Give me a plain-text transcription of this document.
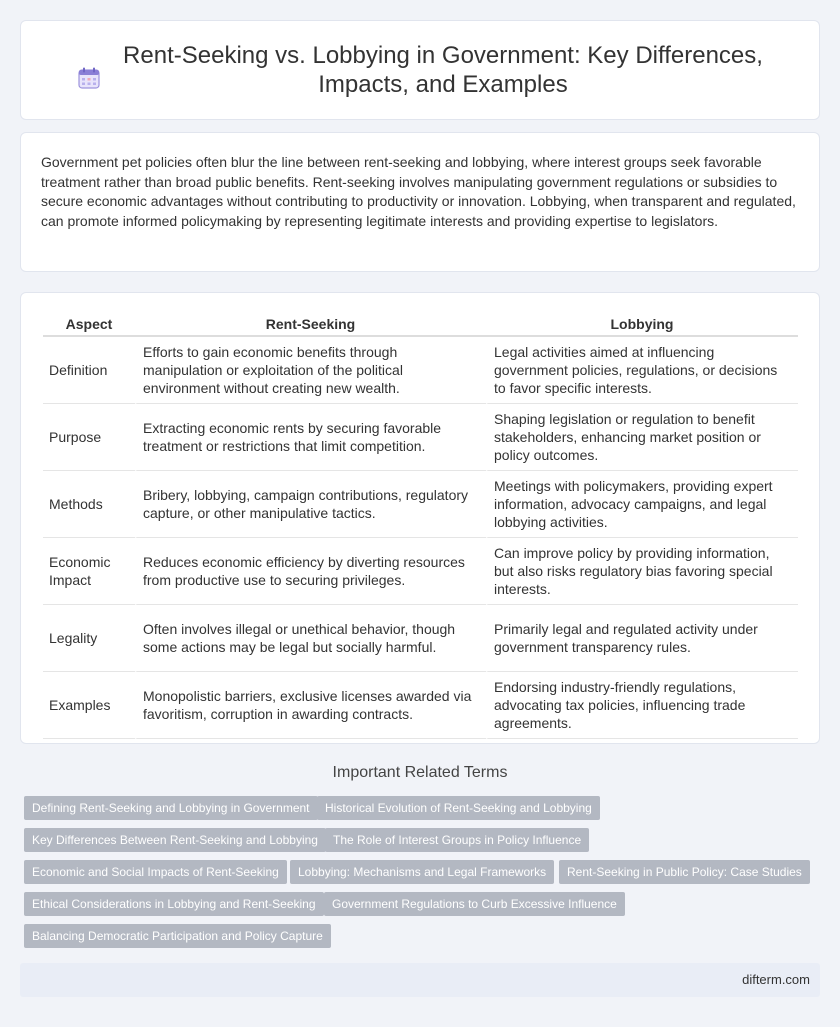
Rent-Seeking vs. Lobbying in Government: Key Differences, Impacts, and Examples

Government pet policies often blur the line between rent-seeking and lobbying, where interest groups seek favorable treatment rather than broad public benefits. Rent-seeking involves manipulating government regulations or subsidies to secure economic advantages without contributing to productivity or innovation. Lobbying, when transparent and regulated, can promote informed policymaking by representing legitimate interests and providing expertise to legislators.

Aspect	Rent-Seeking	Lobbying
Definition	Efforts to gain economic benefits through manipulation or exploitation of the political environment without creating new wealth.	Legal activities aimed at influencing government policies, regulations, or decisions to favor specific interests.
Purpose	Extracting economic rents by securing favorable treatment or restrictions that limit competition.	Shaping legislation or regulation to benefit stakeholders, enhancing market position or policy outcomes.
Methods	Bribery, lobbying, campaign contributions, regulatory capture, or other manipulative tactics.	Meetings with policymakers, providing expert information, advocacy campaigns, and legal lobbying activities.
Economic Impact	Reduces economic efficiency by diverting resources from productive use to securing privileges.	Can improve policy by providing information, but also risks regulatory bias favoring special interests.
Legality	Often involves illegal or unethical behavior, though some actions may be legal but socially harmful.	Primarily legal and regulated activity under government transparency rules.
Examples	Monopolistic barriers, exclusive licenses awarded via favoritism, corruption in awarding contracts.	Endorsing industry-friendly regulations, advocating tax policies, influencing trade agreements.
Important Related Terms
Defining Rent-Seeking and Lobbying in Government	Historical Evolution of Rent-Seeking and Lobbying
Key Differences Between Rent-Seeking and Lobbying	The Role of Interest Groups in Policy Influence
Economic and Social Impacts of Rent-Seeking	Lobbying: Mechanisms and Legal Frameworks	Rent-Seeking in Public Policy: Case Studies
Ethical Considerations in Lobbying and Rent-Seeking	Government Regulations to Curb Excessive Influence
Balancing Democratic Participation and Policy Capture
difterm.com
